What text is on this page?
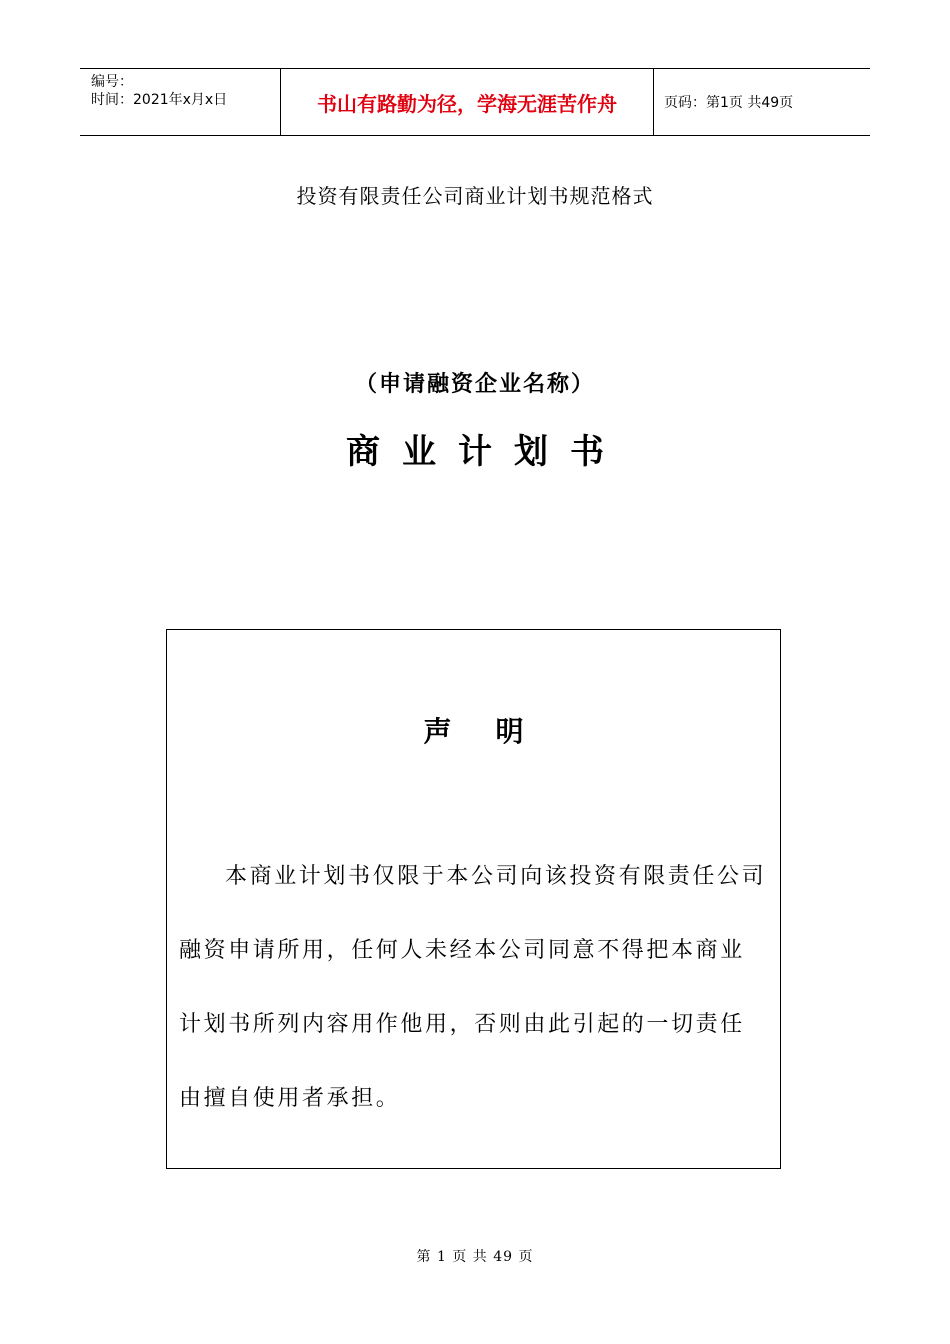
编号：
时间：2021年x月x日	书山有路勤为径，学海无涯苦作舟	页码：第1页 共49页
投资有限责任公司商业计划书规范格式
（申请融资企业名称）
商业计划书
声明
本商业计划书仅限于本公司向该投资有限责任公司融资申请所用，任何人未经本公司同意不得把本商业计划书所列内容用作他用，否则由此引起的一切责任由擅自使用者承担。
第 1 页 共 49 页
